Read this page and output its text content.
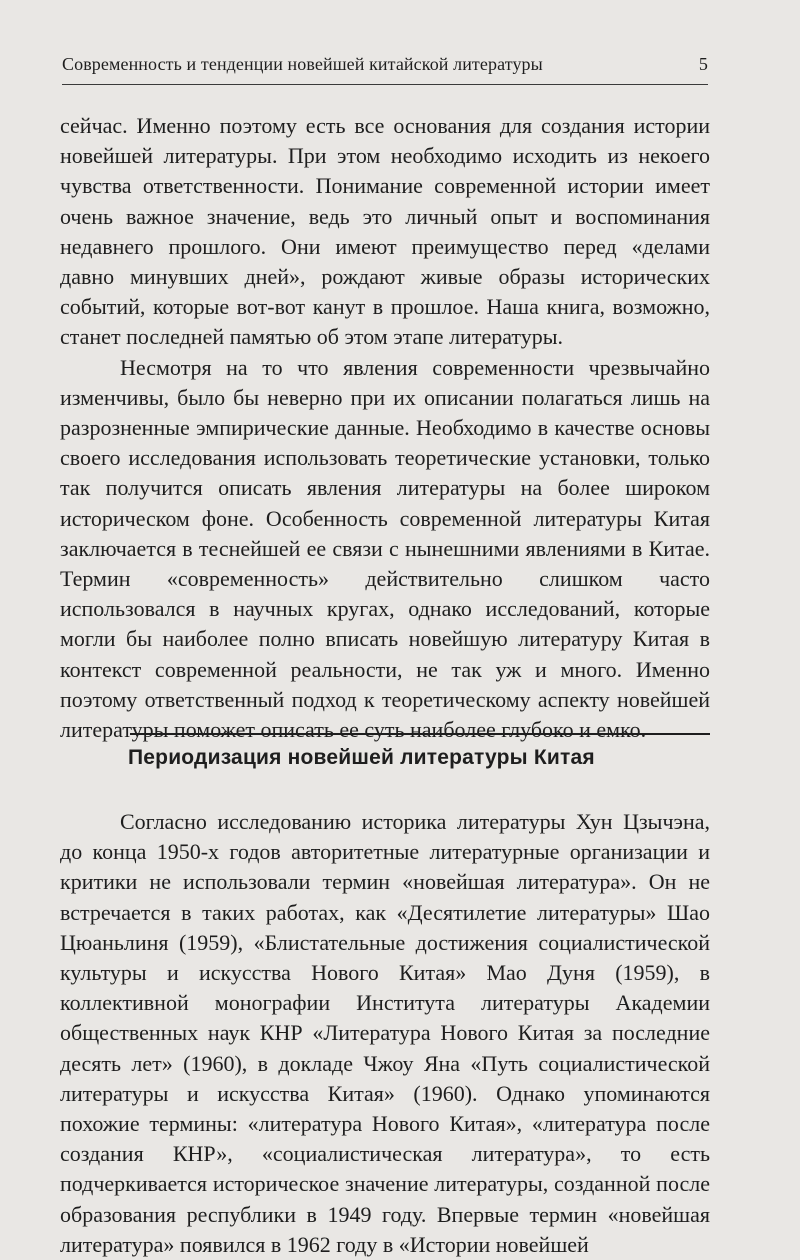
Современность и тенденции новейшей китайской литературы	5

сейчас. Именно поэтому есть все основания для создания истории новейшей литературы. При этом необходимо исходить из некоего чувства ответственности. Понимание современной истории имеет очень важное значение, ведь это личный опыт и воспоминания недавнего прошлого. Они имеют преимущество перед «делами давно минувших дней», рождают живые образы исторических событий, которые вот-вот канут в прошлое. Наша книга, возможно, станет последней памятью об этом этапе литературы.

Несмотря на то что явления современности чрезвычайно изменчивы, было бы неверно при их описании полагаться лишь на разрозненные эмпирические данные. Необходимо в качестве основы своего исследования использовать теоретические установки, только так получится описать явления литературы на более широком историческом фоне. Особенность современной литературы Китая заключается в теснейшей ее связи с нынешними явлениями в Китае. Термин «современность» действительно слишком часто использовался в научных кругах, однако исследований, которые могли бы наиболее полно вписать новейшую литературу Китая в контекст современной реальности, не так уж и много. Именно поэтому ответственный подход к теоретическому аспекту новейшей литературы поможет описать ее суть наиболее глубоко и емко.

Периодизация новейшей литературы Китая

Согласно исследованию историка литературы Хун Цзычэна, до конца 1950-х годов авторитетные литературные организации и критики не использовали термин «новейшая литература». Он не встречается в таких работах, как «Десятилетие литературы» Шао Цюаньлиня (1959), «Блистательные достижения социалистической культуры и искусства Нового Китая» Мао Дуня (1959), в коллективной монографии Института литературы Академии общественных наук КНР «Литература Нового Китая за последние десять лет» (1960), в докладе Чжоу Яна «Путь социалистической литературы и искусства Китая» (1960). Однако упоминаются похожие термины: «литература Нового Китая», «литература после создания КНР», «социалистическая литература», то есть подчеркивается историческое значение литературы, созданной после образования республики в 1949 году. Впервые термин «новейшая литература» появился в 1962 году в «Истории новейшей
